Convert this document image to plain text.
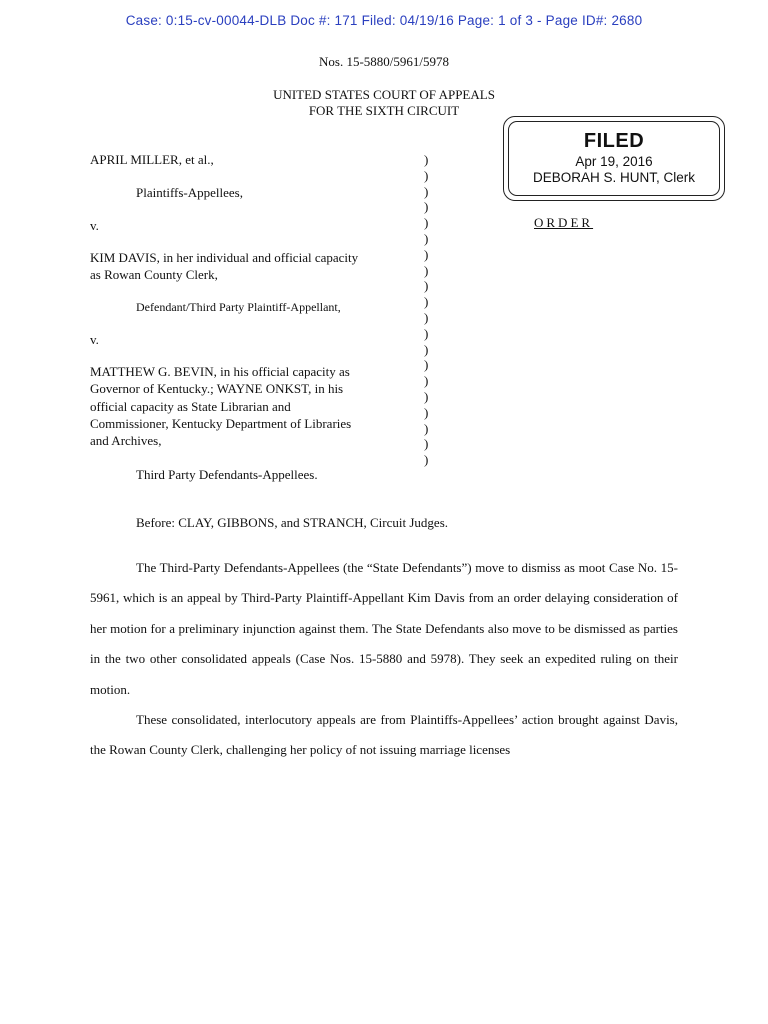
Case: 0:15-cv-00044-DLB Doc #: 171 Filed: 04/19/16 Page: 1 of 3 - Page ID#: 2680
Nos. 15-5880/5961/5978
UNITED STATES COURT OF APPEALS
FOR THE SIXTH CIRCUIT
FILED
Apr 19, 2016
DEBORAH S. HUNT, Clerk
APRIL MILLER, et al.,
Plaintiffs-Appellees,
v.
KIM DAVIS, in her individual and official capacity
as Rowan County Clerk,
Defendant/Third Party Plaintiff-Appellant,
v.
MATTHEW G. BEVIN, in his official capacity as
Governor of Kentucky.; WAYNE ONKST, in his
official capacity as State Librarian and
Commissioner, Kentucky Department of Libraries
and Archives,
Third Party Defendants-Appellees.
)
)
)
)
)
)
)
)
)
)
)
)
)
)
)
)
)
)
)
)
ORDER
Before: CLAY, GIBBONS, and STRANCH, Circuit Judges.
The Third-Party Defendants-Appellees (the “State Defendants”) move to dismiss as moot Case No. 15-5961, which is an appeal by Third-Party Plaintiff-Appellant Kim Davis from an order delaying consideration of her motion for a preliminary injunction against them. The State Defendants also move to be dismissed as parties in the two other consolidated appeals (Case Nos. 15-5880 and 5978). They seek an expedited ruling on their motion.
These consolidated, interlocutory appeals are from Plaintiffs-Appellees’ action brought against Davis, the Rowan County Clerk, challenging her policy of not issuing marriage licenses
